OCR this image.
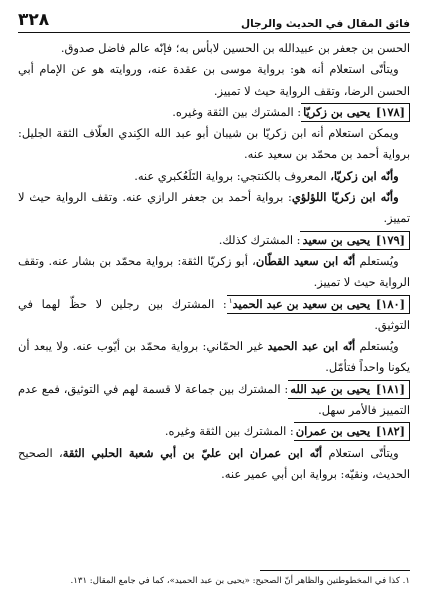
٣٢٨	فائق المقال في الحديث والرجال

الحسن بن جعفر بن عبيدالله بن الحسين لابأس به؛ فإنّه عالم فاضل صدوق.

 ويتأتّى استعلام أنه هو: برواية موسى بن عقدة عنه، وروايته هو عن الإمام أبي الحسن الرضا، وتقف الرواية حيث لا تمييز.

[١٧٨] يحيى بن زكريّا: المشترك بين الثقة وغيره.

 ويمكن استعلام أنه ابن زكريّا بن شيبان أبو عبد الله الكِندي العلّاف الثقة الجليل: برواية أحمد بن محمّد بن سعيد عنه.

 وأنّه ابن زكريّا، المعروف بالكنتجي: برواية التَلَعُكبري عنه.

 وأنّه ابن زكريّا اللؤلؤي: برواية أحمد بن جعفر الرازي عنه. وتقف الرواية حيث لا تمييز.

[١٧٩] يحيى بن سعيد: المشترك كذلك.

 ويُستعلم أنّه ابن سعيد القطّان، أبو زكريّا الثقة: برواية محمّد بن بشار عنه. وتقف الرواية حيث لا تمييز.

[١٨٠] يحيى بن سعيد بن عبد الحميد$^١$: المشترك بين رجلين لا حظّ لهما في التوثيق.

 ويُستعلم أنّه ابن عبد الحميد غير الحمّاني: برواية محمّد بن أيّوب عنه. ولا يبعد أن يكونا واحداً فتأمّل.

[١٨١] يحيى بن عبد الله: المشترك بين جماعة لا قسمة لهم في التوثيق، فمع عدم التمييز فالأمر سهل.

[١٨٢] يحيى بن عمران: المشترك بين الثقة وغيره.

 ويتأتّى استعلام أنّه ابن عمران ابن عليّ بن أبي شعبة الحلبي الثقة، الصحيح الحديث، ونقيّه: برواية ابن أبي عمير عنه.

١. كذا في المخطوطتين والظاهر أنّ الصحيح: «يحيى بن عبد الحميد»، كما في جامع المقال: ١٣١.
